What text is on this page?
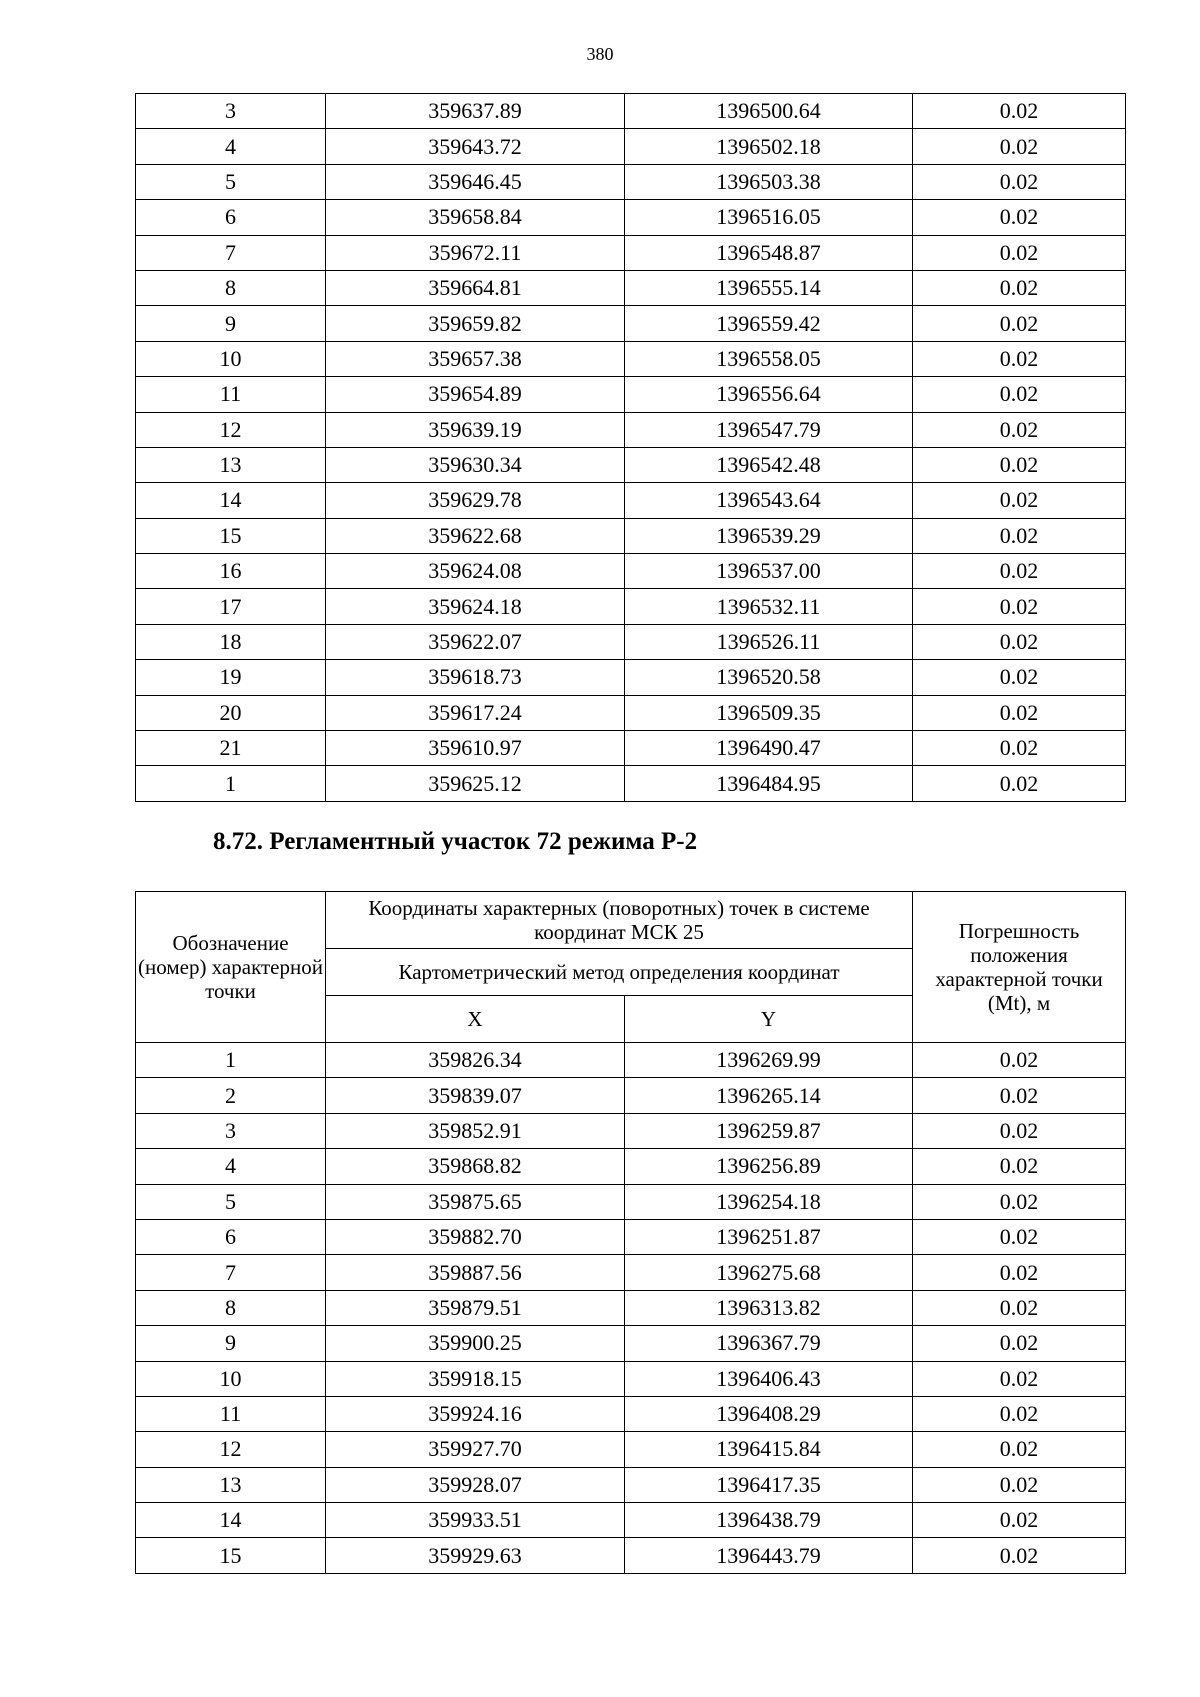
380
3	359637.89	1396500.64	0.02
4	359643.72	1396502.18	0.02
5	359646.45	1396503.38	0.02
6	359658.84	1396516.05	0.02
7	359672.11	1396548.87	0.02
8	359664.81	1396555.14	0.02
9	359659.82	1396559.42	0.02
10	359657.38	1396558.05	0.02
11	359654.89	1396556.64	0.02
12	359639.19	1396547.79	0.02
13	359630.34	1396542.48	0.02
14	359629.78	1396543.64	0.02
15	359622.68	1396539.29	0.02
16	359624.08	1396537.00	0.02
17	359624.18	1396532.11	0.02
18	359622.07	1396526.11	0.02
19	359618.73	1396520.58	0.02
20	359617.24	1396509.35	0.02
21	359610.97	1396490.47	0.02
1	359625.12	1396484.95	0.02
8.72. Регламентный участок 72 режима Р-2
Обозначение (номер) характерной точки	Координаты характерных (поворотных) точек в системе координат МСК 25		Погрешность положения характерной точки (Mt), м
	Картометрический метод определения координат		
	X	Y	
1	359826.34	1396269.99	0.02
2	359839.07	1396265.14	0.02
3	359852.91	1396259.87	0.02
4	359868.82	1396256.89	0.02
5	359875.65	1396254.18	0.02
6	359882.70	1396251.87	0.02
7	359887.56	1396275.68	0.02
8	359879.51	1396313.82	0.02
9	359900.25	1396367.79	0.02
10	359918.15	1396406.43	0.02
11	359924.16	1396408.29	0.02
12	359927.70	1396415.84	0.02
13	359928.07	1396417.35	0.02
14	359933.51	1396438.79	0.02
15	359929.63	1396443.79	0.02
